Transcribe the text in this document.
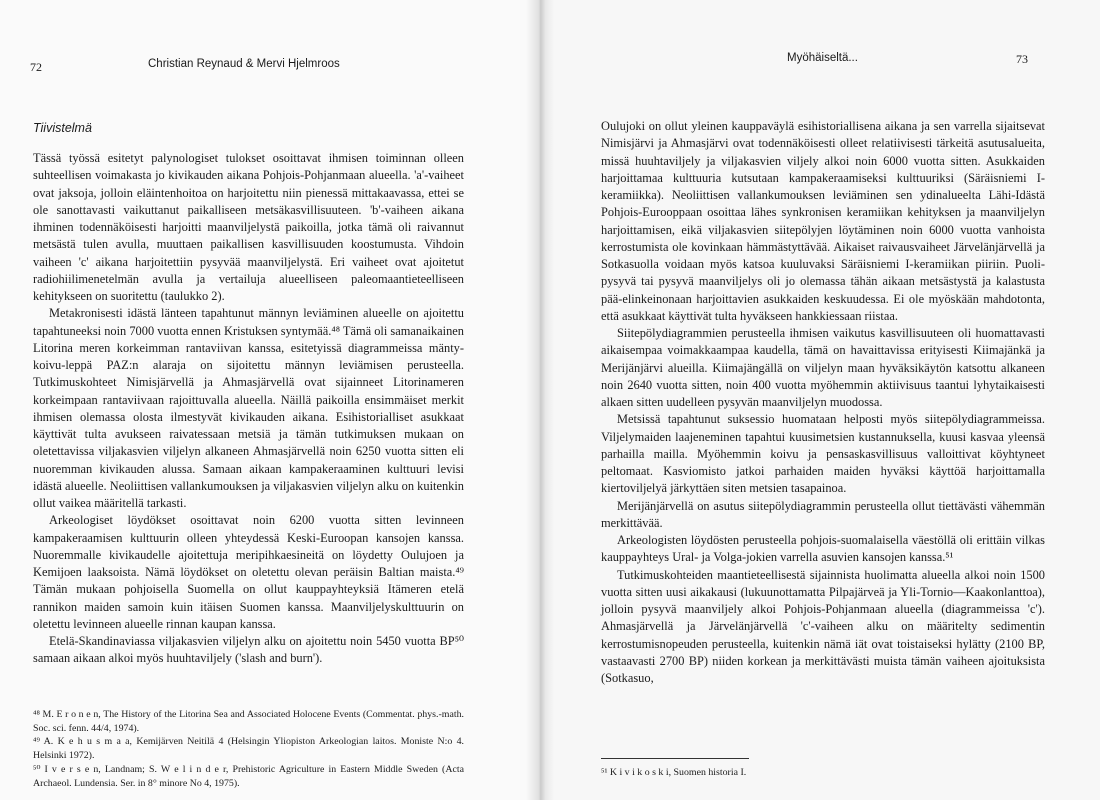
72	Christian Reynaud & Mervi Hjelmroos
Tiivistelmä

Tässä työssä esitetyt palynologiset tulokset osoittavat ihmisen toiminnan olleen suhteellisen voimakasta jo kivikauden aikana Pohjois-Pohjanmaan alueella. 'a'-vaiheet ovat jaksoja, jolloin eläintenhoitoa on harjoitettu niin pienessä mittakaavassa, ettei se ole sanottavasti vaikuttanut paikalliseen metsäkasvillisuuteen. 'b'-vaiheen aikana ihminen todennäköisesti harjoitti maanviljelystä paikoilla, jotka tämä oli raivannut metsästä tulen avulla, muuttaen paikallisen kasvillisuuden koostumusta. Vihdoin vaiheen 'c' aikana harjoitettiin pysyvää maanviljelystä. Eri vaiheet ovat ajoitetut radiohiilimenetelmän avulla ja vertailuja alueelliseen paleomaantieteelliseen kehitykseen on suoritettu (taulukko 2).

Metakronisesti idästä länteen tapahtunut männyn leviäminen alueelle on ajoitettu tapahtuneeksi noin 7000 vuotta ennen Kristuksen syntymää.⁴⁸ Tämä oli samanaikainen Litorina meren korkeimman rantaviivan kanssa, esitetyissä diagrammeissa mänty-koivu-leppä PAZ:n alaraja on sijoitettu männyn leviämisen perusteella. Tutkimuskohteet Nimisjärvellä ja Ahmasjärvellä ovat sijainneet Litorinameren korkeimpaan rantaviivaan rajoittuvalla alueella. Näillä paikoilla ensimmäiset merkit ihmisen olemassa olosta ilmestyvät kivikauden aikana. Esihistorialliset asukkaat käyttivät tulta avukseen raivatessaan metsiä ja tämän tutkimuksen mukaan on oletettavissa viljakasvien viljelyn alkaneen Ahmasjärvellä noin 6250 vuotta sitten eli nuoremman kivikauden alussa. Samaan aikaan kampakeraaminen kulttuuri levisi idästä alueelle. Neoliittisen vallankumouksen ja viljakasvien viljelyn alku on kuitenkin ollut vaikea määritellä tarkasti.

Arkeologiset löydökset osoittavat noin 6200 vuotta sitten levinneen kampakeraamisen kulttuurin olleen yhteydessä Keski-Euroopan kansojen kanssa. Nuoremmalle kivikaudelle ajoitettuja meripihkaesineitä on löydetty Oulujoen ja Kemijoen laaksoista. Nämä löydökset on oletettu olevan peräisin Baltian maista.⁴⁹ Tämän mukaan pohjoisella Suomella on ollut kauppayhteyksiä Itämeren etelä rannikon maiden samoin kuin itäisen Suomen kanssa. Maanviljelyskulttuurin on oletettu levinneen alueelle rinnan kaupan kanssa.

Etelä-Skandinaviassa viljakasvien viljelyn alku on ajoitettu noin 5450 vuotta BP⁵⁰ samaan aikaan alkoi myös huuhtaviljely ('slash and burn').

⁴⁸ M. E r o n e n, The History of the Litorina Sea and Associated Holocene Events (Commentat. phys.-math. Soc. sci. fenn. 44/4, 1974).

⁴⁹ A. K e h u s m a a, Kemijärven Neitilä 4 (Helsingin Yliopiston Arkeologian laitos. Moniste N:o 4. Helsinki 1972).

⁵⁰ I v e r s e n, Landnam; S. W e l i n d e r, Prehistoric Agriculture in Eastern Middle Sweden (Acta Archaeol. Lundensia. Ser. in 8° minore No 4, 1975).

Myöhäiseltä...	73

Oulujoki on ollut yleinen kauppaväylä esihistoriallisena aikana ja sen varrella sijaitsevat Nimisjärvi ja Ahmasjärvi ovat todennäköisesti olleet relatiivisesti tärkeitä asutusalueita, missä huuhtaviljely ja viljakasvien viljely alkoi noin 6000 vuotta sitten. Asukkaiden harjoittamaa kulttuuria kutsutaan kampakeraamiseksi kulttuuriksi (Säräisniemi I-keramiikka). Neoliittisen vallankumouksen leviäminen sen ydinalueelta Lähi-Idästä Pohjois-Eurooppaan osoittaa lähes synkronisen keramiikan kehityksen ja maanviljelyn harjoittamisen, eikä viljakasvien siitepölyjen löytäminen noin 6000 vuotta vanhoista kerrostumista ole kovinkaan hämmästyttävää. Aikaiset raivausvaiheet Järvelänjärvellä ja Sotkasuolla voidaan myös katsoa kuuluvaksi Säräisniemi I-keramiikan piiriin. Puoli-pysyvä tai pysyvä maanviljelys oli jo olemassa tähän aikaan metsästystä ja kalastusta pää-elinkeinonaan harjoittavien asukkaiden keskuudessa. Ei ole myöskään mahdotonta, että asukkaat käyttivät tulta hyväkseen hankkiessaan riistaa.

Siitepölydiagrammien perusteella ihmisen vaikutus kasvillisuuteen oli huomattavasti aikaisempaa voimakkaampaa kaudella, tämä on havaittavissa erityisesti Kiimajänkä ja Merijänjärvi alueilla. Kiimajängällä on viljelyn maan hyväksikäytön katsottu alkaneen noin 2640 vuotta sitten, noin 400 vuotta myöhemmin aktiivisuus taantui lyhytaikaisesti alkaen sitten uudelleen pysyvän maanviljelyn muodossa.

Metsissä tapahtunut suksessio huomataan helposti myös siitepölydiagrammeissa. Viljelymaiden laajeneminen tapahtui kuusimetsien kustannuksella, kuusi kasvaa yleensä parhailla mailla. Myöhemmin koivu ja pensaskasvillisuus valloittivat köyhtyneet peltomaat. Kasviomisto jatkoi parhaiden maiden hyväksi käyttöä harjoittamalla kiertoviljelyä järkyttäen siten metsien tasapainoa.

Merijänjärvellä on asutus siitepölydiagrammin perusteella ollut tiettävästi vähemmän merkittävää.

Arkeologisten löydösten perusteella pohjois-suomalaisella väestöllä oli erittäin vilkas kauppayhteys Ural- ja Volga-jokien varrella asuvien kansojen kanssa.⁵¹

Tutkimuskohteiden maantieteellisestä sijainnista huolimatta alueella alkoi noin 1500 vuotta sitten uusi aikakausi (lukuunottamatta Pilpajärveä ja Yli-Tornio—Kaakonlanttoa), jolloin pysyvä maanviljely alkoi Pohjois-Pohjanmaan alueella (diagrammeissa 'c'). Ahmasjärvellä ja Järvelänjärvellä 'c'-vaiheen alku on määritelty sedimentin kerrostumisnopeuden perusteella, kuitenkin nämä iät ovat toistaiseksi hylätty (2100 BP, vastaavasti 2700 BP) niiden korkean ja merkittävästi muista tämän vaiheen ajoituksista (Sotkasuo,

⁵¹ K i v i k o s k i, Suomen historia I.
